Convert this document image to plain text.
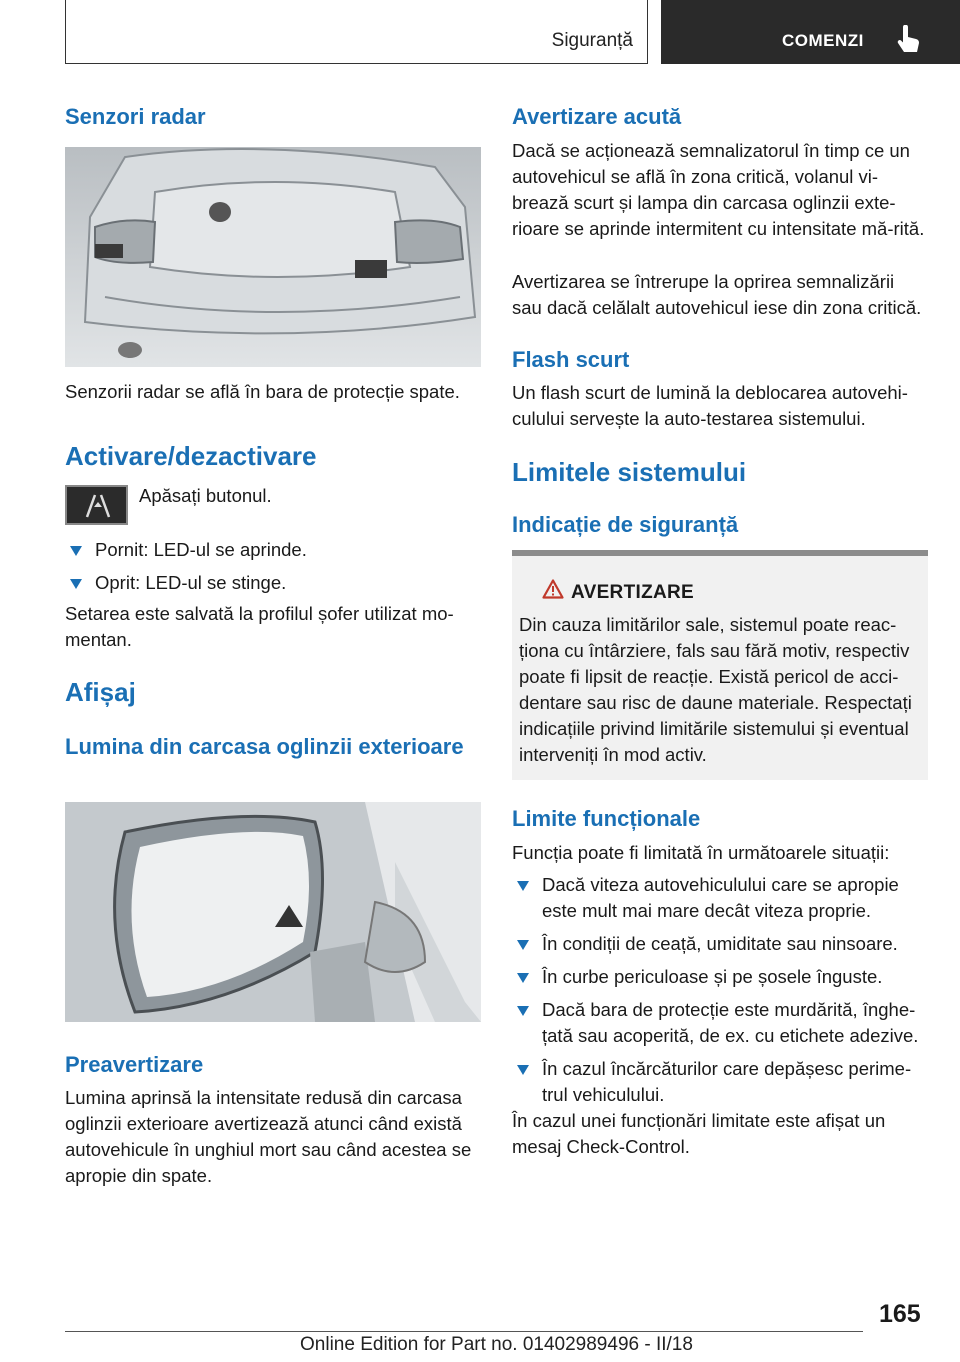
Siguranță	COMENZI
Senzori radar

Senzorii radar se află în bara de protecție spate.

Activare/dezactivare

Apăsați butonul.

Pornit: LED-ul se aprinde.
Oprit: LED-ul se stinge.

Setarea este salvată la profilul șofer utilizat mo-mentan.

Afișaj
Lumina din carcasa oglinzii exterioare
Preavertizare

Lumina aprinsă la intensitate redusă din carcasa oglinzii exterioare avertizează atunci când există autovehicule în unghiul mort sau când acestea se apropie din spate.

Avertizare acută

Dacă se acționează semnalizatorul în timp ce un autovehicul se află în zona critică, volanul vi-brează scurt și lampa din carcasa oglinzii exte-rioare se aprinde intermitent cu intensitate mă-rită.

Avertizarea se întrerupe la oprirea semnalizării sau dacă celălalt autovehicul iese din zona critică.

Flash scurt

Un flash scurt de lumină la deblocarea autovehi-culului servește la auto-testarea sistemului.

Limitele sistemului
Indicație de siguranță
AVERTIZARE

Din cauza limitărilor sale, sistemul poate reac-ționa cu întârziere, fals sau fără motiv, respectiv poate fi lipsit de reacție. Există pericol de acci-dentare sau risc de daune materiale. Respectați indicațiile privind limitările sistemului și eventual interveniți în mod activ.

Limite funcționale

Funcția poate fi limitată în următoarele situații:

Dacă viteza autovehiculului care se apropie este mult mai mare decât viteza proprie.
În condiții de ceață, umiditate sau ninsoare.
În curbe periculoase și pe șosele înguste.
Dacă bara de protecție este murdărită, înghe-țată sau acoperită, de ex. cu etichete adezive.
În cazul încărcăturilor care depășesc perime-trul vehiculului.

În cazul unei funcționări limitate este afișat un mesaj Check-Control.

165
Online Edition for Part no. 01402989496 - II/18
